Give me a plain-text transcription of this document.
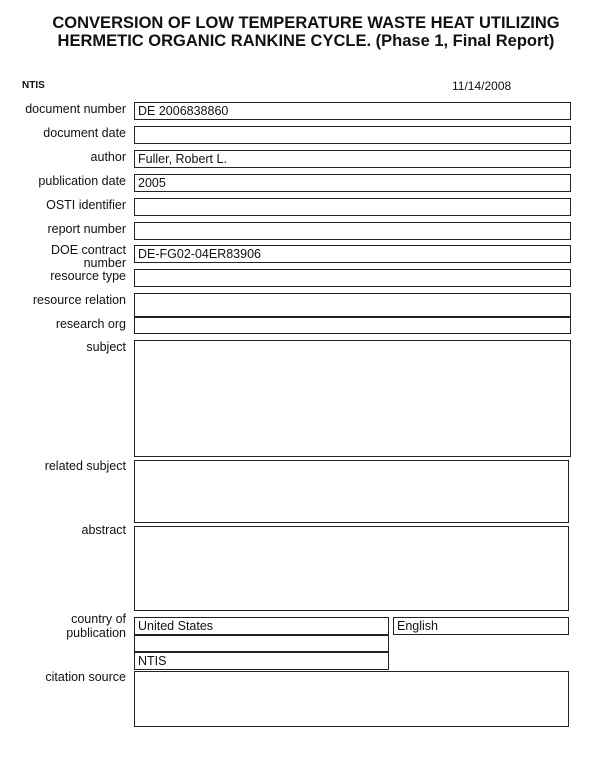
CONVERSION OF LOW TEMPERATURE WASTE HEAT UTILIZING HERMETIC ORGANIC RANKINE CYCLE. (Phase 1, Final Report)
NTIS	11/14/2008
document number DE 2006838860
document date
author Fuller, Robert L.
publication date 2005
OSTI identifier
report number
DOE contract
number
DE-FG02-04ER83906
resource type
resource relation
research org
subject
related subject
abstract
country of
publication United States	English
NTIS
citation source
